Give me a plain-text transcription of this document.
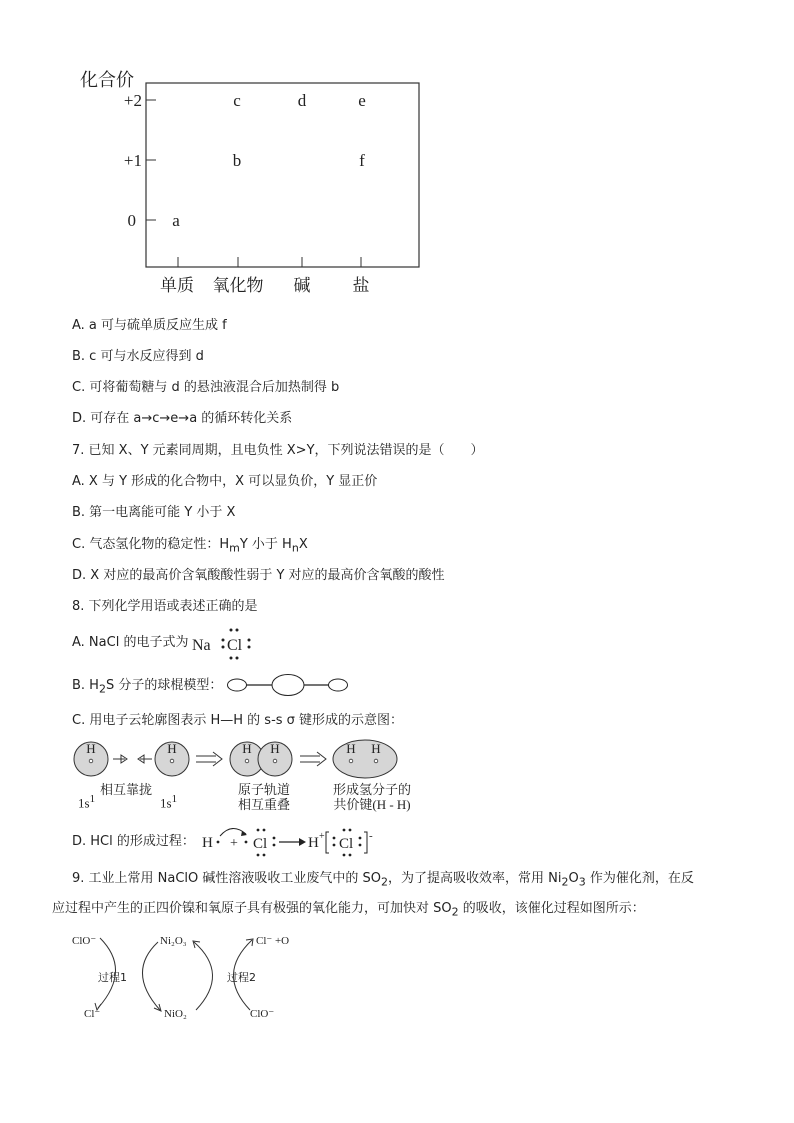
化合价
+2
+1
0
单质 氧化物 碱 盐
a
b
c	d	e
f
A. a 可与硫单质反应生成 f
B. c 可与水反应得到 d
C. 可将葡萄糖与 d 的悬浊液混合后加热制得 b
D. 可存在 a→c→e→a 的循环转化关系
7. 已知 X、Y 元素同周期，且电负性 X>Y，下列说法错误的是（　　）
A. X 与 Y 形成的化合物中，X 可以显负价，Y 显正价
B. 第一电离能可能 Y 小于 X
C. 气态氢化物的稳定性：$H_mY$ 小于 $H_nX$
D. X 对应的最高价含氧酸酸性弱于 Y 对应的最高价含氧酸的酸性
8. 下列化学用语或表述正确的是
A. NaCl 的电子式为 Na Cl
B. $H_2S$ 分子的球棍模型：
C. 用电子云轮廓图表示 H—H 的 s-s σ 键形成的示意图：
H	H	H H	H H
相互靠拢
$1s^1$	$1s^1$
原子轨道
相互重叠
形成氢分子的
共价键(H - H)
D. HCl 的形成过程： H + Cl	H + Cl -
9. 工业上常用 NaClO 碱性溶液吸收工业废气中的 $SO_2$，为了提高吸收效率，常用 $Ni_2O_3$ 作为催化剂，在反
应过程中产生的正四价镍和氧原子具有极强的氧化能力，可加快对 $SO_2$ 的吸收，该催化过程如图所示：
ClO⁻	Ni₂O₃	Cl⁻ +O
过程1	过程2
Cl⁻	NiO₂	ClO⁻
